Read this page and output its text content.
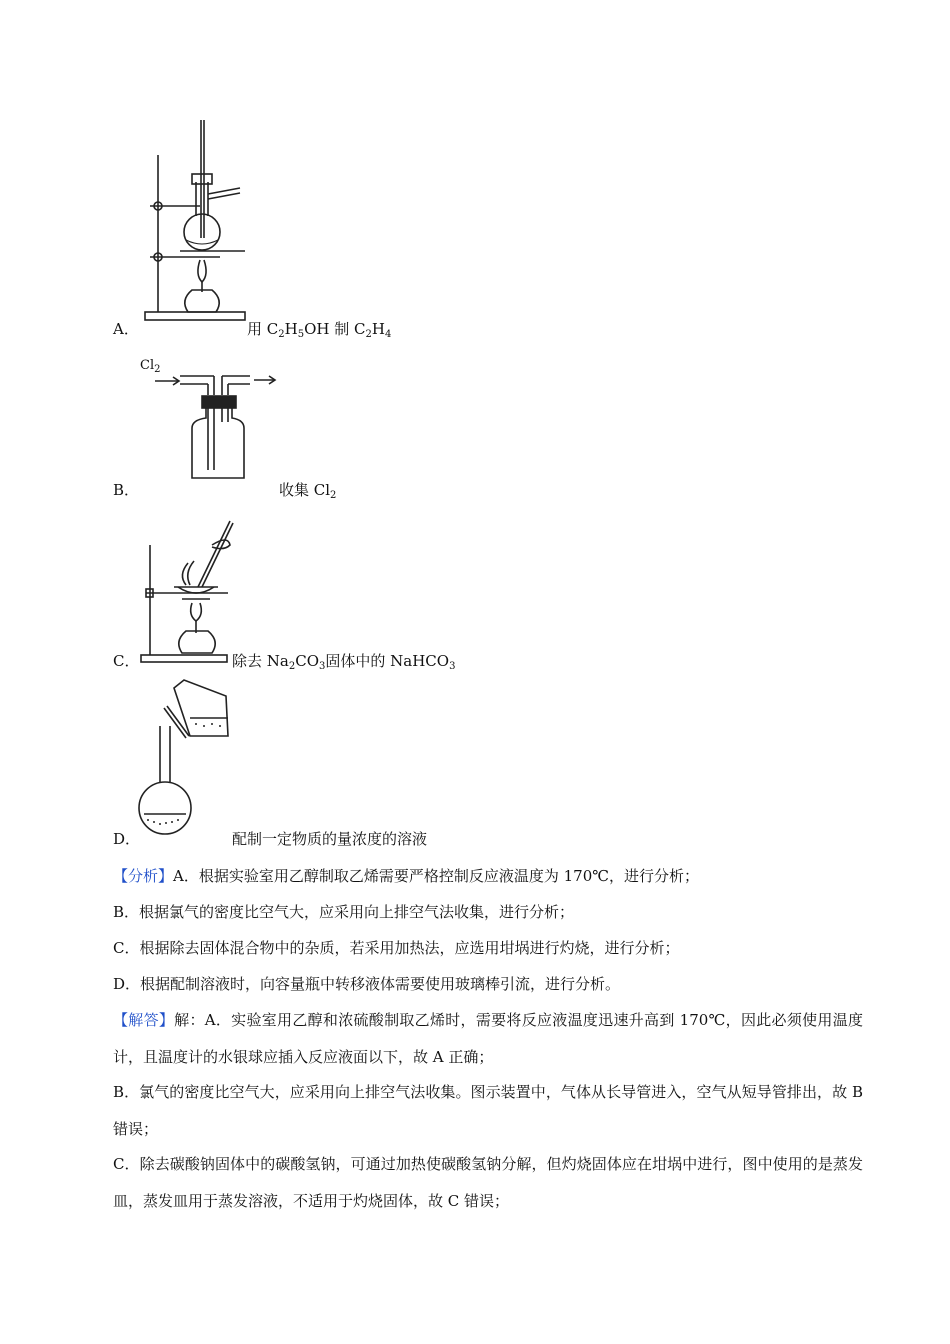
A．	用 $C_2H_5OH$ 制 $C_2H_4$
$Cl_2$
B．	收集 $Cl_2$
C．	除去 $Na_2CO_3$固体中的 NaHCO$_3$
D．	配制一定物质的量浓度的溶液
【分析】A．根据实验室用乙醇制取乙烯需要严格控制反应液温度为 170℃，进行分析；
B．根据氯气的密度比空气大，应采用向上排空气法收集，进行分析；
C．根据除去固体混合物中的杂质，若采用加热法，应选用坩埚进行灼烧，进行分析；
D．根据配制溶液时，向容量瓶中转移液体需要使用玻璃棒引流，进行分析。
【解答】解：A．实验室用乙醇和浓硫酸制取乙烯时，需要将反应液温度迅速升高到 170℃，因此必须使用温度计，且温度计的水银球应插入反应液面以下，故 A 正确；
B．氯气的密度比空气大，应采用向上排空气法收集。图示装置中，气体从长导管进入，空气从短导管排出，故 B 错误；
C．除去碳酸钠固体中的碳酸氢钠，可通过加热使碳酸氢钠分解，但灼烧固体应在坩埚中进行，图中使用的是蒸发皿，蒸发皿用于蒸发溶液，不适用于灼烧固体，故 C 错误；
